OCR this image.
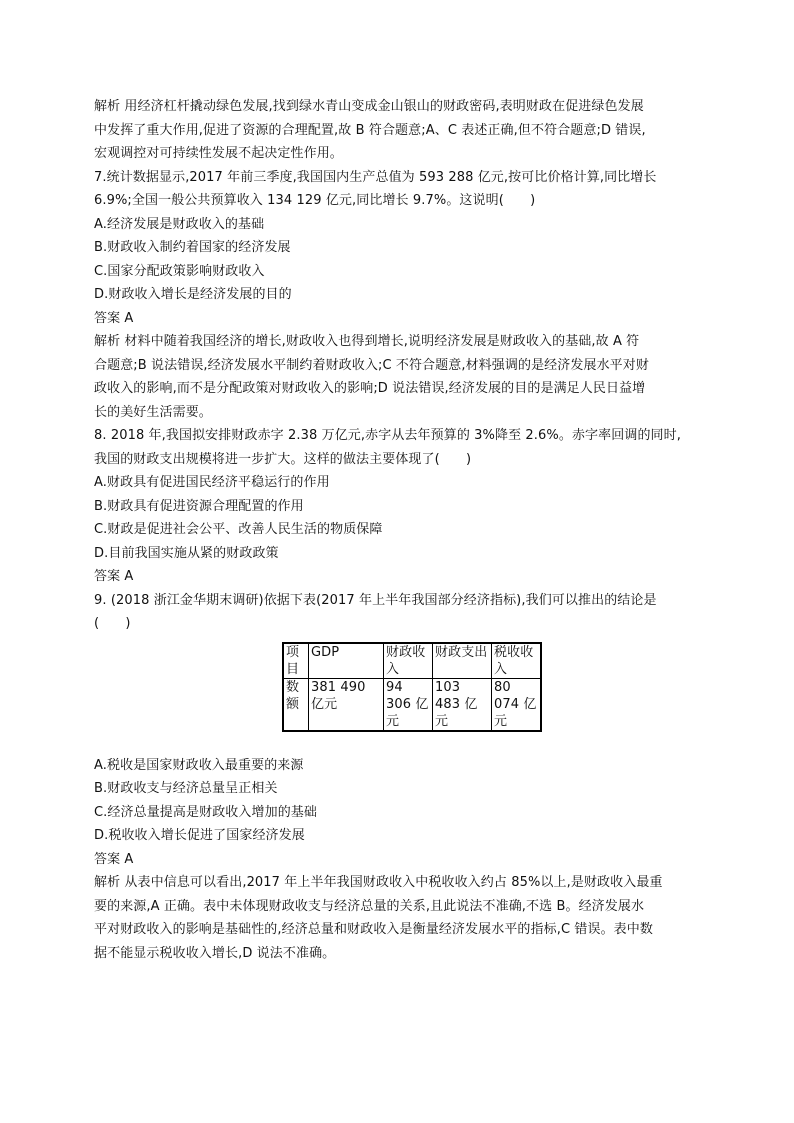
解析 用经济杠杆撬动绿色发展,找到绿水青山变成金山银山的财政密码,表明财政在促进绿色发展
中发挥了重大作用,促进了资源的合理配置,故 B 符合题意;A、C 表述正确,但不符合题意;D 错误,
宏观调控对可持续性发展不起决定性作用。
7.统计数据显示,2017 年前三季度,我国国内生产总值为 593 288 亿元,按可比价格计算,同比增长
6.9%;全国一般公共预算收入 134 129 亿元,同比增长 9.7%。这说明(　　)
A.经济发展是财政收入的基础
B.财政收入制约着国家的经济发展
C.国家分配政策影响财政收入
D.财政收入增长是经济发展的目的
答案 A
解析 材料中随着我国经济的增长,财政收入也得到增长,说明经济发展是财政收入的基础,故 A 符
合题意;B 说法错误,经济发展水平制约着财政收入;C 不符合题意,材料强调的是经济发展水平对财
政收入的影响,而不是分配政策对财政收入的影响;D 说法错误,经济发展的目的是满足人民日益增
长的美好生活需要。
8. 2018 年,我国拟安排财政赤字 2.38 万亿元,赤字从去年预算的 3%降至 2.6%。赤字率回调的同时,
我国的财政支出规模将进一步扩大。这样的做法主要体现了(　　)
A.财政具有促进国民经济平稳运行的作用
B.财政具有促进资源合理配置的作用
C.财政是促进社会公平、改善人民生活的物质保障
D.目前我国实施从紧的财政政策
答案 A
9. (2018 浙江金华期末调研)依据下表(2017 年上半年我国部分经济指标),我们可以推出的结论是
(　　)
项目	GDP	财政收入	财政支出	税收收入
数额	381 490 亿元	94 306 亿元	103 483 亿元	80 074 亿元
A.税收是国家财政收入最重要的来源
B.财政收支与经济总量呈正相关
C.经济总量提高是财政收入增加的基础
D.税收收入增长促进了国家经济发展
答案 A
解析 从表中信息可以看出,2017 年上半年我国财政收入中税收收入约占 85%以上,是财政收入最重
要的来源,A 正确。表中未体现财政收支与经济总量的关系,且此说法不准确,不选 B。经济发展水
平对财政收入的影响是基础性的,经济总量和财政收入是衡量经济发展水平的指标,C 错误。表中数
据不能显示税收收入增长,D 说法不准确。
